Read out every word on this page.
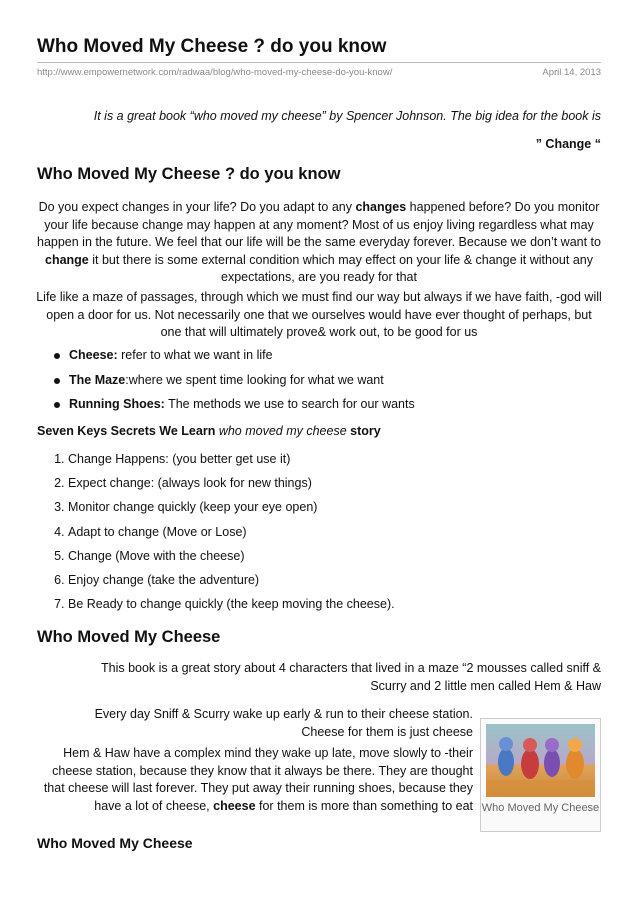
Who Moved My Cheese ? do you know
http://www.empowernetwork.com/radwaa/blog/who-moved-my-cheese-do-you-know/	April 14, 2013
It is a great book “who moved my cheese” by Spencer Johnson. The big idea for the book is
” Change “
Who Moved My Cheese ? do you know
Do you expect changes in your life? Do you adapt to any changes happened before? Do you monitor your life because change may happen at any moment? Most of us enjoy living regardless what may happen in the future. We feel that our life will be the same everyday forever. Because we don’t want to change it but there is some external condition which may effect on your life & change it without any expectations, are you ready for that
Life like a maze of passages, through which we must find our way but always if we have faith, -god will open a door for us. Not necessarily one that we ourselves would have ever thought of perhaps, but one that will ultimately prove& work out, to be good for us
Cheese: refer to what we want in life
The Maze:where we spent time looking for what we want
Running Shoes: The methods we use to search for our wants
Seven Keys Secrets We Learn who moved my cheese story
1. Change Happens: (you better get use it)
2. Expect change: (always look for new things)
3. Monitor change quickly (keep your eye open)
4. Adapt to change (Move or Lose)
5. Change (Move with the cheese)
6. Enjoy change (take the adventure)
7. Be Ready to change quickly (the keep moving the cheese).
Who Moved My Cheese
This book is a great story about 4 characters that lived in a maze “2 mousses called sniff & Scurry and 2 little men called Hem & Haw
Every day Sniff & Scurry wake up early & run to their cheese station. Cheese for them is just cheese
Hem & Haw have a complex mind they wake up late, move slowly to -their cheese station, because they know that it always be there. They are thought that cheese will last forever. They put away their running shoes, because they have a lot of cheese, cheese for them is more than something to eat Who Moved My Cheese
Who Moved My Cheese
